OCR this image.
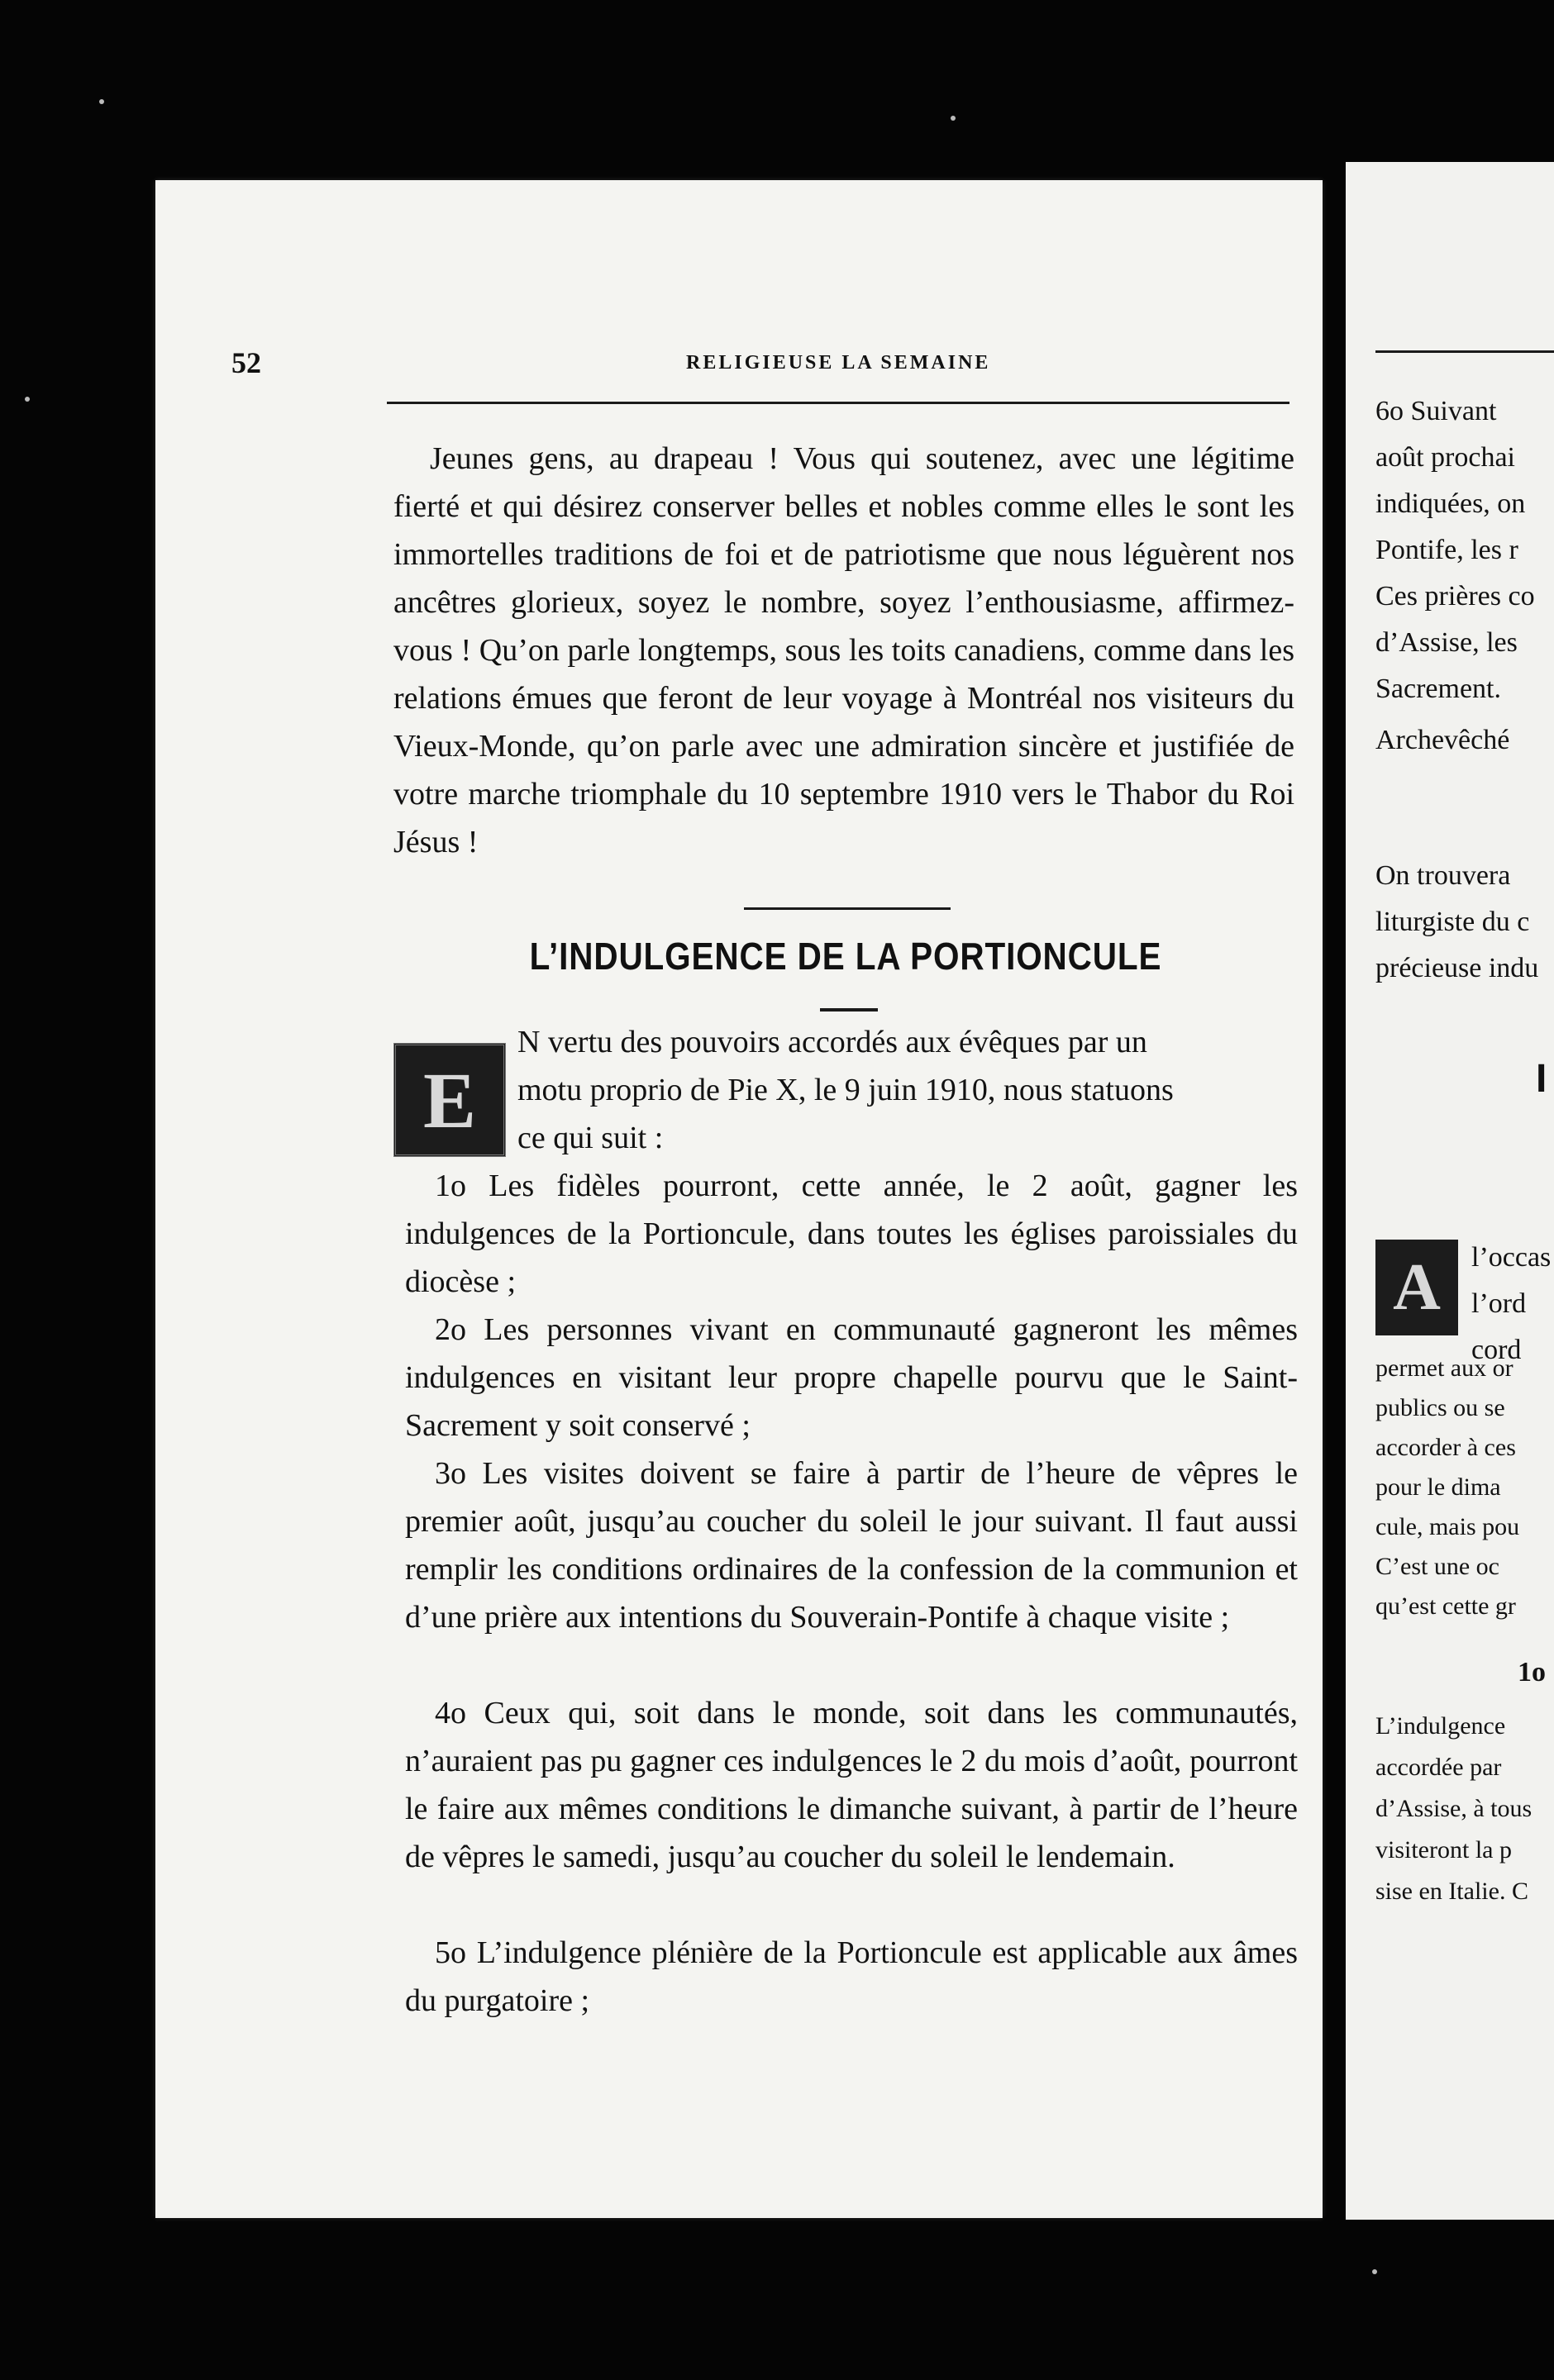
52	RELIGIEUSE LA SEMAINE
Jeunes gens, au drapeau ! Vous qui soutenez, avec une légitime fierté et qui désirez conserver belles et nobles comme elles le sont les immortelles traditions de foi et de patriotisme que nous léguèrent nos ancêtres glorieux, soyez le nombre, soyez l’enthousiasme, affirmez-vous ! Qu’on parle longtemps, sous les toits canadiens, comme dans les relations émues que feront de leur voyage à Montréal nos visiteurs du Vieux-Monde, qu’on parle avec une admiration sincère et justifiée de votre marche triomphale du 10 septembre 1910 vers le Thabor du Roi Jésus !
L’INDULGENCE DE LA PORTIONCULE
E
N vertu des pouvoirs accordés aux évêques par un
motu proprio de Pie X, le 9 juin 1910, nous statuons
ce qui suit :
1o Les fidèles pourront, cette année, le 2 août, gagner les indulgences de la Portioncule, dans toutes les églises paroissiales du diocèse ;
2o Les personnes vivant en communauté gagneront les mêmes indulgences en visitant leur propre chapelle pourvu que le Saint-Sacrement y soit conservé ;
3o Les visites doivent se faire à partir de l’heure de vêpres le premier août, jusqu’au coucher du soleil le jour suivant. Il faut aussi remplir les conditions ordinaires de la confession de la communion et d’une prière aux intentions du Souverain-Pontife à chaque visite ;
4o Ceux qui, soit dans le monde, soit dans les communautés, n’auraient pas pu gagner ces indulgences le 2 du mois d’août, pourront le faire aux mêmes conditions le dimanche suivant, à partir de l’heure de vêpres le samedi, jusqu’au coucher du soleil le lendemain.
5o L’indulgence plénière de la Portioncule est applicable aux âmes du purgatoire ;
6o Suivant
août prochai
indiquées, on
Pontife, les r
Ces prières co
d’Assise, les
Sacrement.
Archevêché
On trouvera
liturgiste du c
précieuse indu
I
A l’occas
l’ord
cord
permet aux or
publics ou se
accorder à ces
pour le dima
cule, mais pou
C’est une oc
qu’est cette gr
1o
L’indulgence
accordée par
d’Assise, à tous
visiteront la p
sise en Italie. C
